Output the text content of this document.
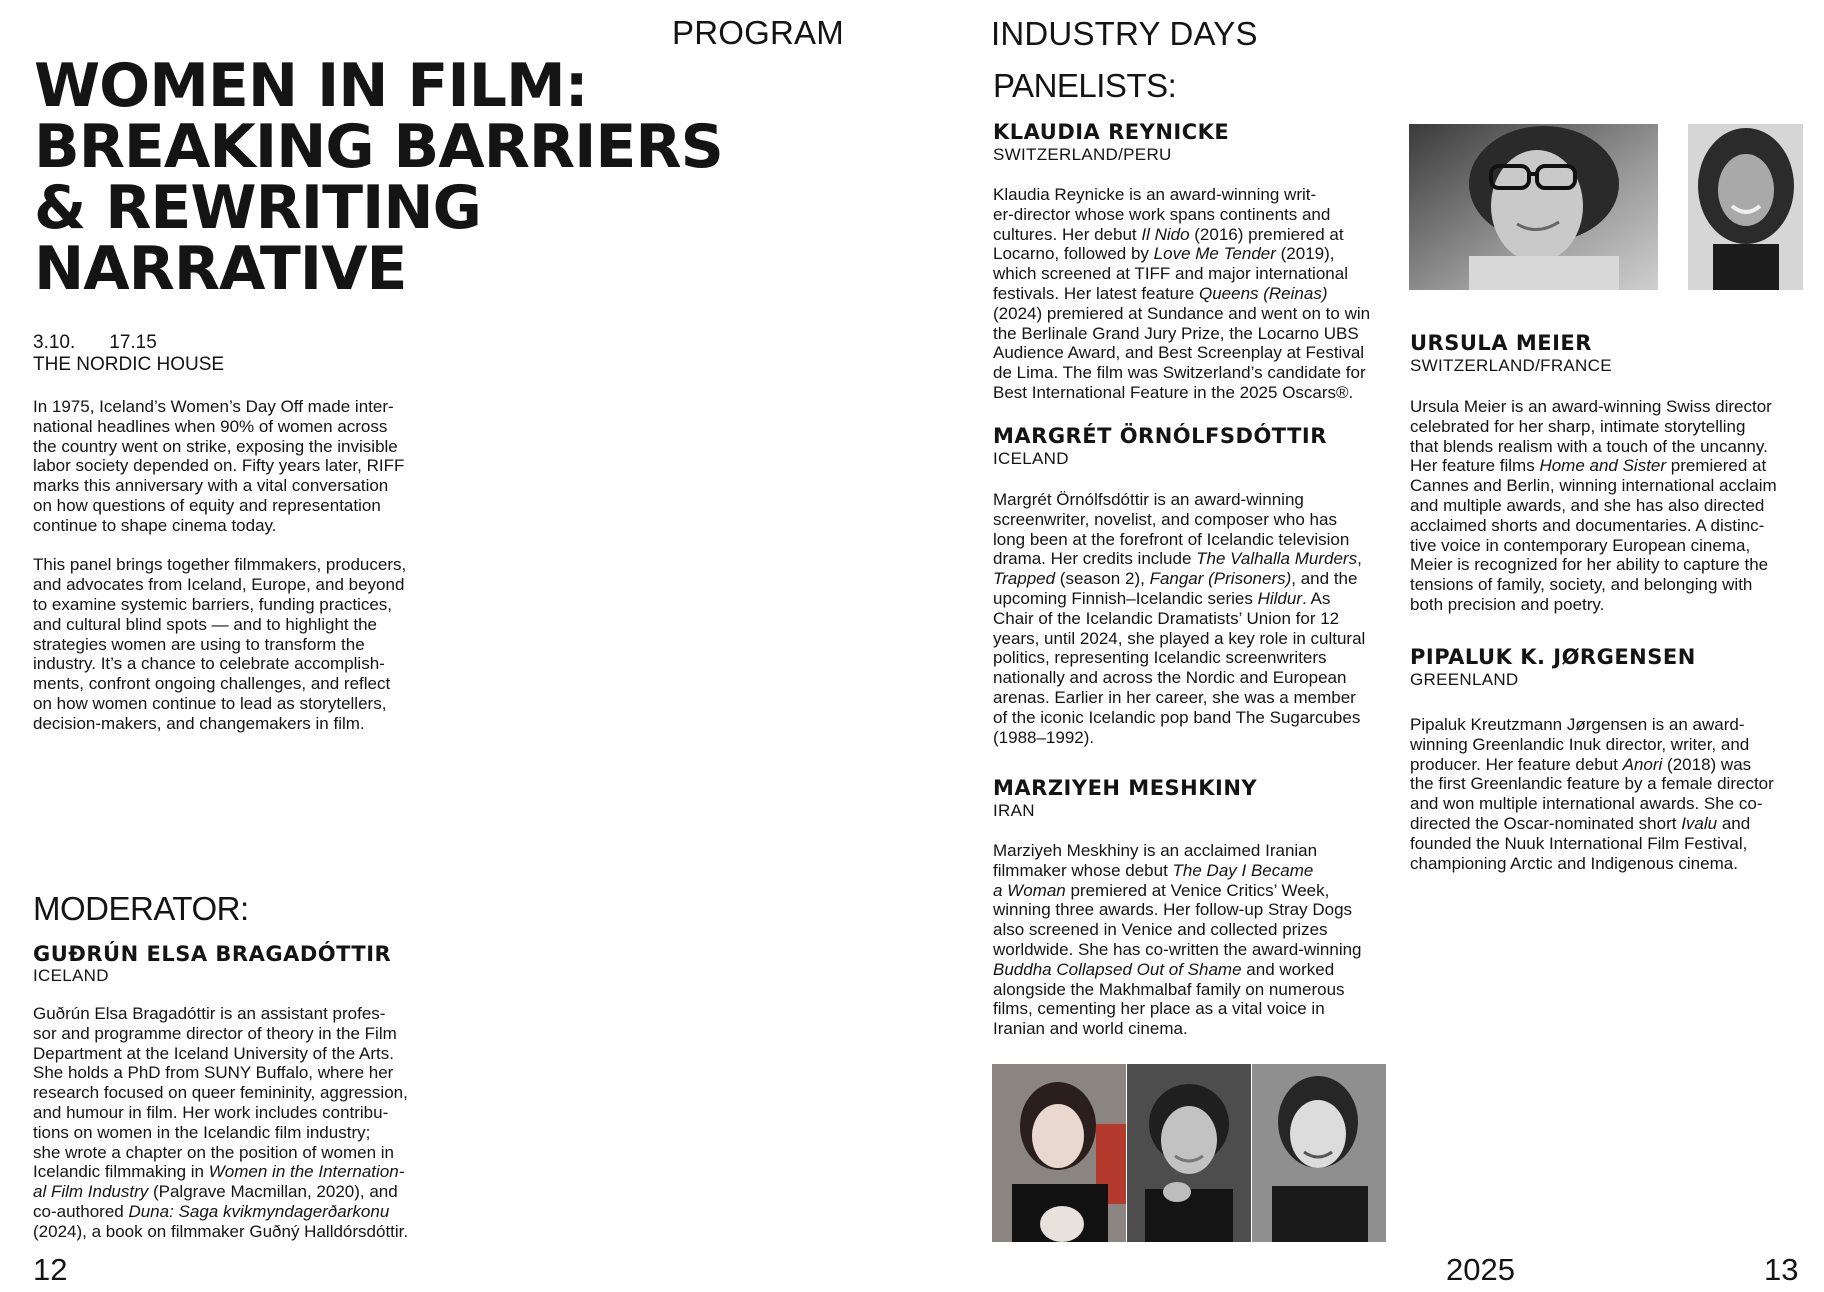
PROGRAM	INDUSTRY DAYS
WOMEN IN FILM:
BREAKING BARRIERS
& REWRITING
NARRATIVE
3.10. 17.15
THE NORDIC HOUSE
In 1975, Iceland’s Women’s Day Off made inter-
national headlines when 90% of women across
the country went on strike, exposing the invisible
labor society depended on. Fifty years later, RIFF
marks this anniversary with a vital conversation
on how questions of equity and representation
continue to shape cinema today.
This panel brings together filmmakers, producers,
and advocates from Iceland, Europe, and beyond
to examine systemic barriers, funding practices,
and cultural blind spots — and to highlight the
strategies women are using to transform the
industry. It’s a chance to celebrate accomplish-
ments, confront ongoing challenges, and reflect
on how women continue to lead as storytellers,
decision-makers, and changemakers in film.
MODERATOR:
GUÐRÚN ELSA BRAGADÓTTIR
ICELAND
Guðrún Elsa Bragadóttir is an assistant profes-
sor and programme director of theory in the Film
Department at the Iceland University of the Arts.
She holds a PhD from SUNY Buffalo, where her
research focused on queer femininity, aggression,
and humour in film. Her work includes contribu-
tions on women in the Icelandic film industry;
she wrote a chapter on the position of women in
Icelandic filmmaking in Women in the Internation-
al Film Industry (Palgrave Macmillan, 2020), and
co-authored Duna: Saga kvikmyndagerðarkonu
(2024), a book on filmmaker Guðný Halldórsdóttir.
PANELISTS:
KLAUDIA REYNICKE
SWITZERLAND/PERU
Klaudia Reynicke is an award-winning writ-
er-director whose work spans continents and
cultures. Her debut Il Nido (2016) premiered at
Locarno, followed by Love Me Tender (2019),
which screened at TIFF and major international
festivals. Her latest feature Queens (Reinas)
(2024) premiered at Sundance and went on to win
the Berlinale Grand Jury Prize, the Locarno UBS
Audience Award, and Best Screenplay at Festival
de Lima. The film was Switzerland’s candidate for
Best International Feature in the 2025 Oscars®.
MARGRÉT ÖRNÓLFSDÓTTIR
ICELAND
Margrét Örnólfsdóttir is an award-winning
screenwriter, novelist, and composer who has
long been at the forefront of Icelandic television
drama. Her credits include The Valhalla Murders,
Trapped (season 2), Fangar (Prisoners), and the
upcoming Finnish–Icelandic series Hildur. As
Chair of the Icelandic Dramatists’ Union for 12
years, until 2024, she played a key role in cultural
politics, representing Icelandic screenwriters
nationally and across the Nordic and European
arenas. Earlier in her career, she was a member
of the iconic Icelandic pop band The Sugarcubes
(1988–1992).
MARZIYEH MESHKINY
IRAN
Marziyeh Meskhiny is an acclaimed Iranian
filmmaker whose debut The Day I Became
a Woman premiered at Venice Critics’ Week,
winning three awards. Her follow-up Stray Dogs
also screened in Venice and collected prizes
worldwide. She has co-written the award-winning
Buddha Collapsed Out of Shame and worked
alongside the Makhmalbaf family on numerous
films, cementing her place as a vital voice in
Iranian and world cinema.
URSULA MEIER
SWITZERLAND/FRANCE
Ursula Meier is an award-winning Swiss director
celebrated for her sharp, intimate storytelling
that blends realism with a touch of the uncanny.
Her feature films Home and Sister premiered at
Cannes and Berlin, winning international acclaim
and multiple awards, and she has also directed
acclaimed shorts and documentaries. A distinc-
tive voice in contemporary European cinema,
Meier is recognized for her ability to capture the
tensions of family, society, and belonging with
both precision and poetry.
PIPALUK K. JØRGENSEN
GREENLAND
Pipaluk Kreutzmann Jørgensen is an award-
winning Greenlandic Inuk director, writer, and
producer. Her feature debut Anori (2018) was
the first Greenlandic feature by a female director
and won multiple international awards. She co-
directed the Oscar-nominated short Ivalu and
founded the Nuuk International Film Festival,
championing Arctic and Indigenous cinema.
12	2025	13
